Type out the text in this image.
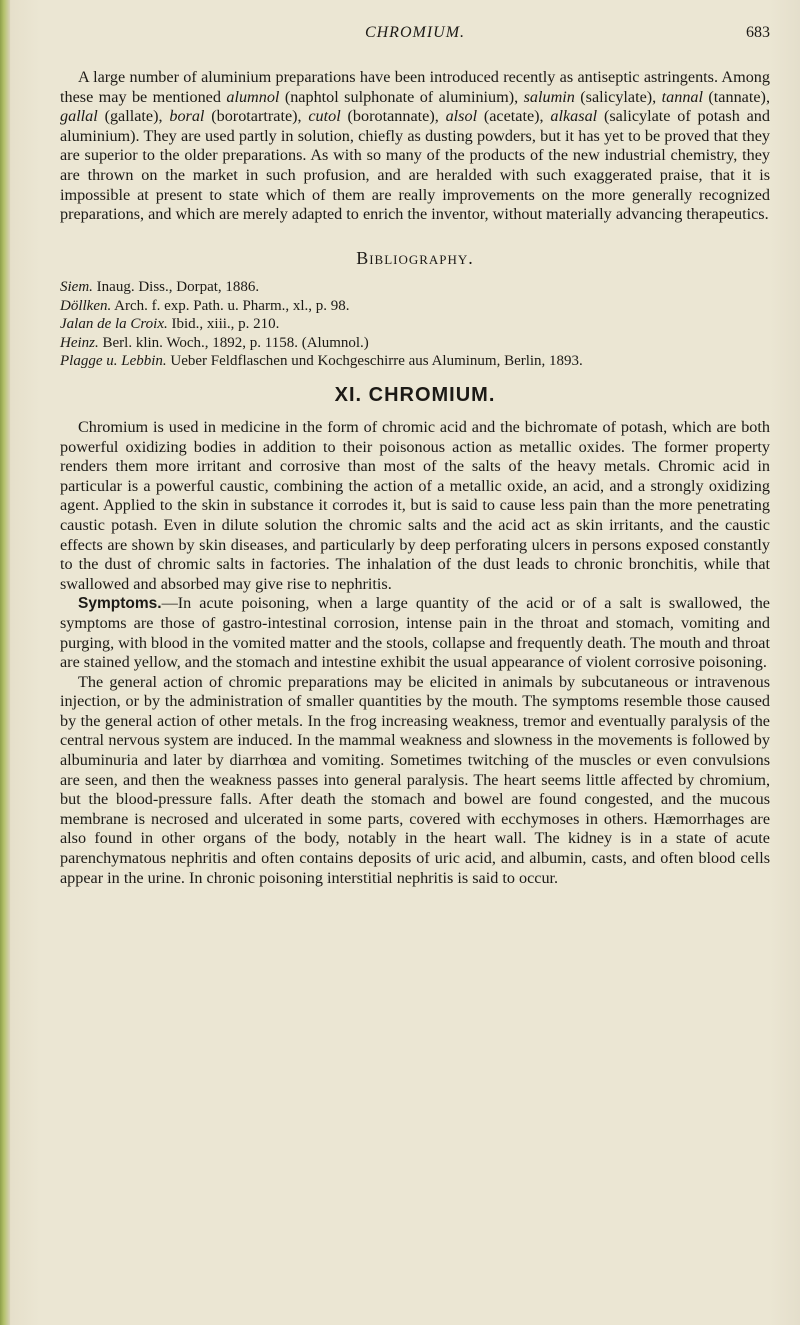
CHROMIUM.	683

A large number of aluminium preparations have been introduced recently as antiseptic astringents. Among these may be mentioned alumnol (naphtol sulphonate of aluminium), salumin (salicylate), tannal (tannate), gallal (gallate), boral (borotartrate), cutol (borotannate), alsol (acetate), alkasal (salicylate of potash and aluminium). They are used partly in solution, chiefly as dusting powders, but it has yet to be proved that they are superior to the older preparations. As with so many of the products of the new industrial chemistry, they are thrown on the market in such profusion, and are heralded with such exaggerated praise, that it is impossible at present to state which of them are really improvements on the more generally recognized preparations, and which are merely adapted to enrich the inventor, without materially advancing therapeutics.

Bibliography.
Siem. Inaug. Diss., Dorpat, 1886.
Döllken. Arch. f. exp. Path. u. Pharm., xl., p. 98.
Jalan de la Croix. Ibid., xiii., p. 210.
Heinz. Berl. klin. Woch., 1892, p. 1158. (Alumnol.)
Plagge u. Lebbin. Ueber Feldflaschen und Kochgeschirre aus Aluminum, Berlin, 1893.
XI. CHROMIUM.

Chromium is used in medicine in the form of chromic acid and the bichromate of potash, which are both powerful oxidizing bodies in addition to their poisonous action as metallic oxides. The former property renders them more irritant and corrosive than most of the salts of the heavy metals. Chromic acid in particular is a powerful caustic, combining the action of a metallic oxide, an acid, and a strongly oxidizing agent. Applied to the skin in substance it corrodes it, but is said to cause less pain than the more penetrating caustic potash. Even in dilute solution the chromic salts and the acid act as skin irritants, and the caustic effects are shown by skin diseases, and particularly by deep perforating ulcers in persons exposed constantly to the dust of chromic salts in factories. The inhalation of the dust leads to chronic bronchitis, while that swallowed and absorbed may give rise to nephritis.

Symptoms.—In acute poisoning, when a large quantity of the acid or of a salt is swallowed, the symptoms are those of gastro-intestinal corrosion, intense pain in the throat and stomach, vomiting and purging, with blood in the vomited matter and the stools, collapse and frequently death. The mouth and throat are stained yellow, and the stomach and intestine exhibit the usual appearance of violent corrosive poisoning.

The general action of chromic preparations may be elicited in animals by subcutaneous or intravenous injection, or by the administration of smaller quantities by the mouth. The symptoms resemble those caused by the general action of other metals. In the frog increasing weakness, tremor and eventually paralysis of the central nervous system are induced. In the mammal weakness and slowness in the movements is followed by albuminuria and later by diarrhœa and vomiting. Sometimes twitching of the muscles or even convulsions are seen, and then the weakness passes into general paralysis. The heart seems little affected by chromium, but the blood-pressure falls. After death the stomach and bowel are found congested, and the mucous membrane is necrosed and ulcerated in some parts, covered with ecchymoses in others. Hæmorrhages are also found in other organs of the body, notably in the heart wall. The kidney is in a state of acute parenchymatous nephritis and often contains deposits of uric acid, and albumin, casts, and often blood cells appear in the urine. In chronic poisoning interstitial nephritis is said to occur.
